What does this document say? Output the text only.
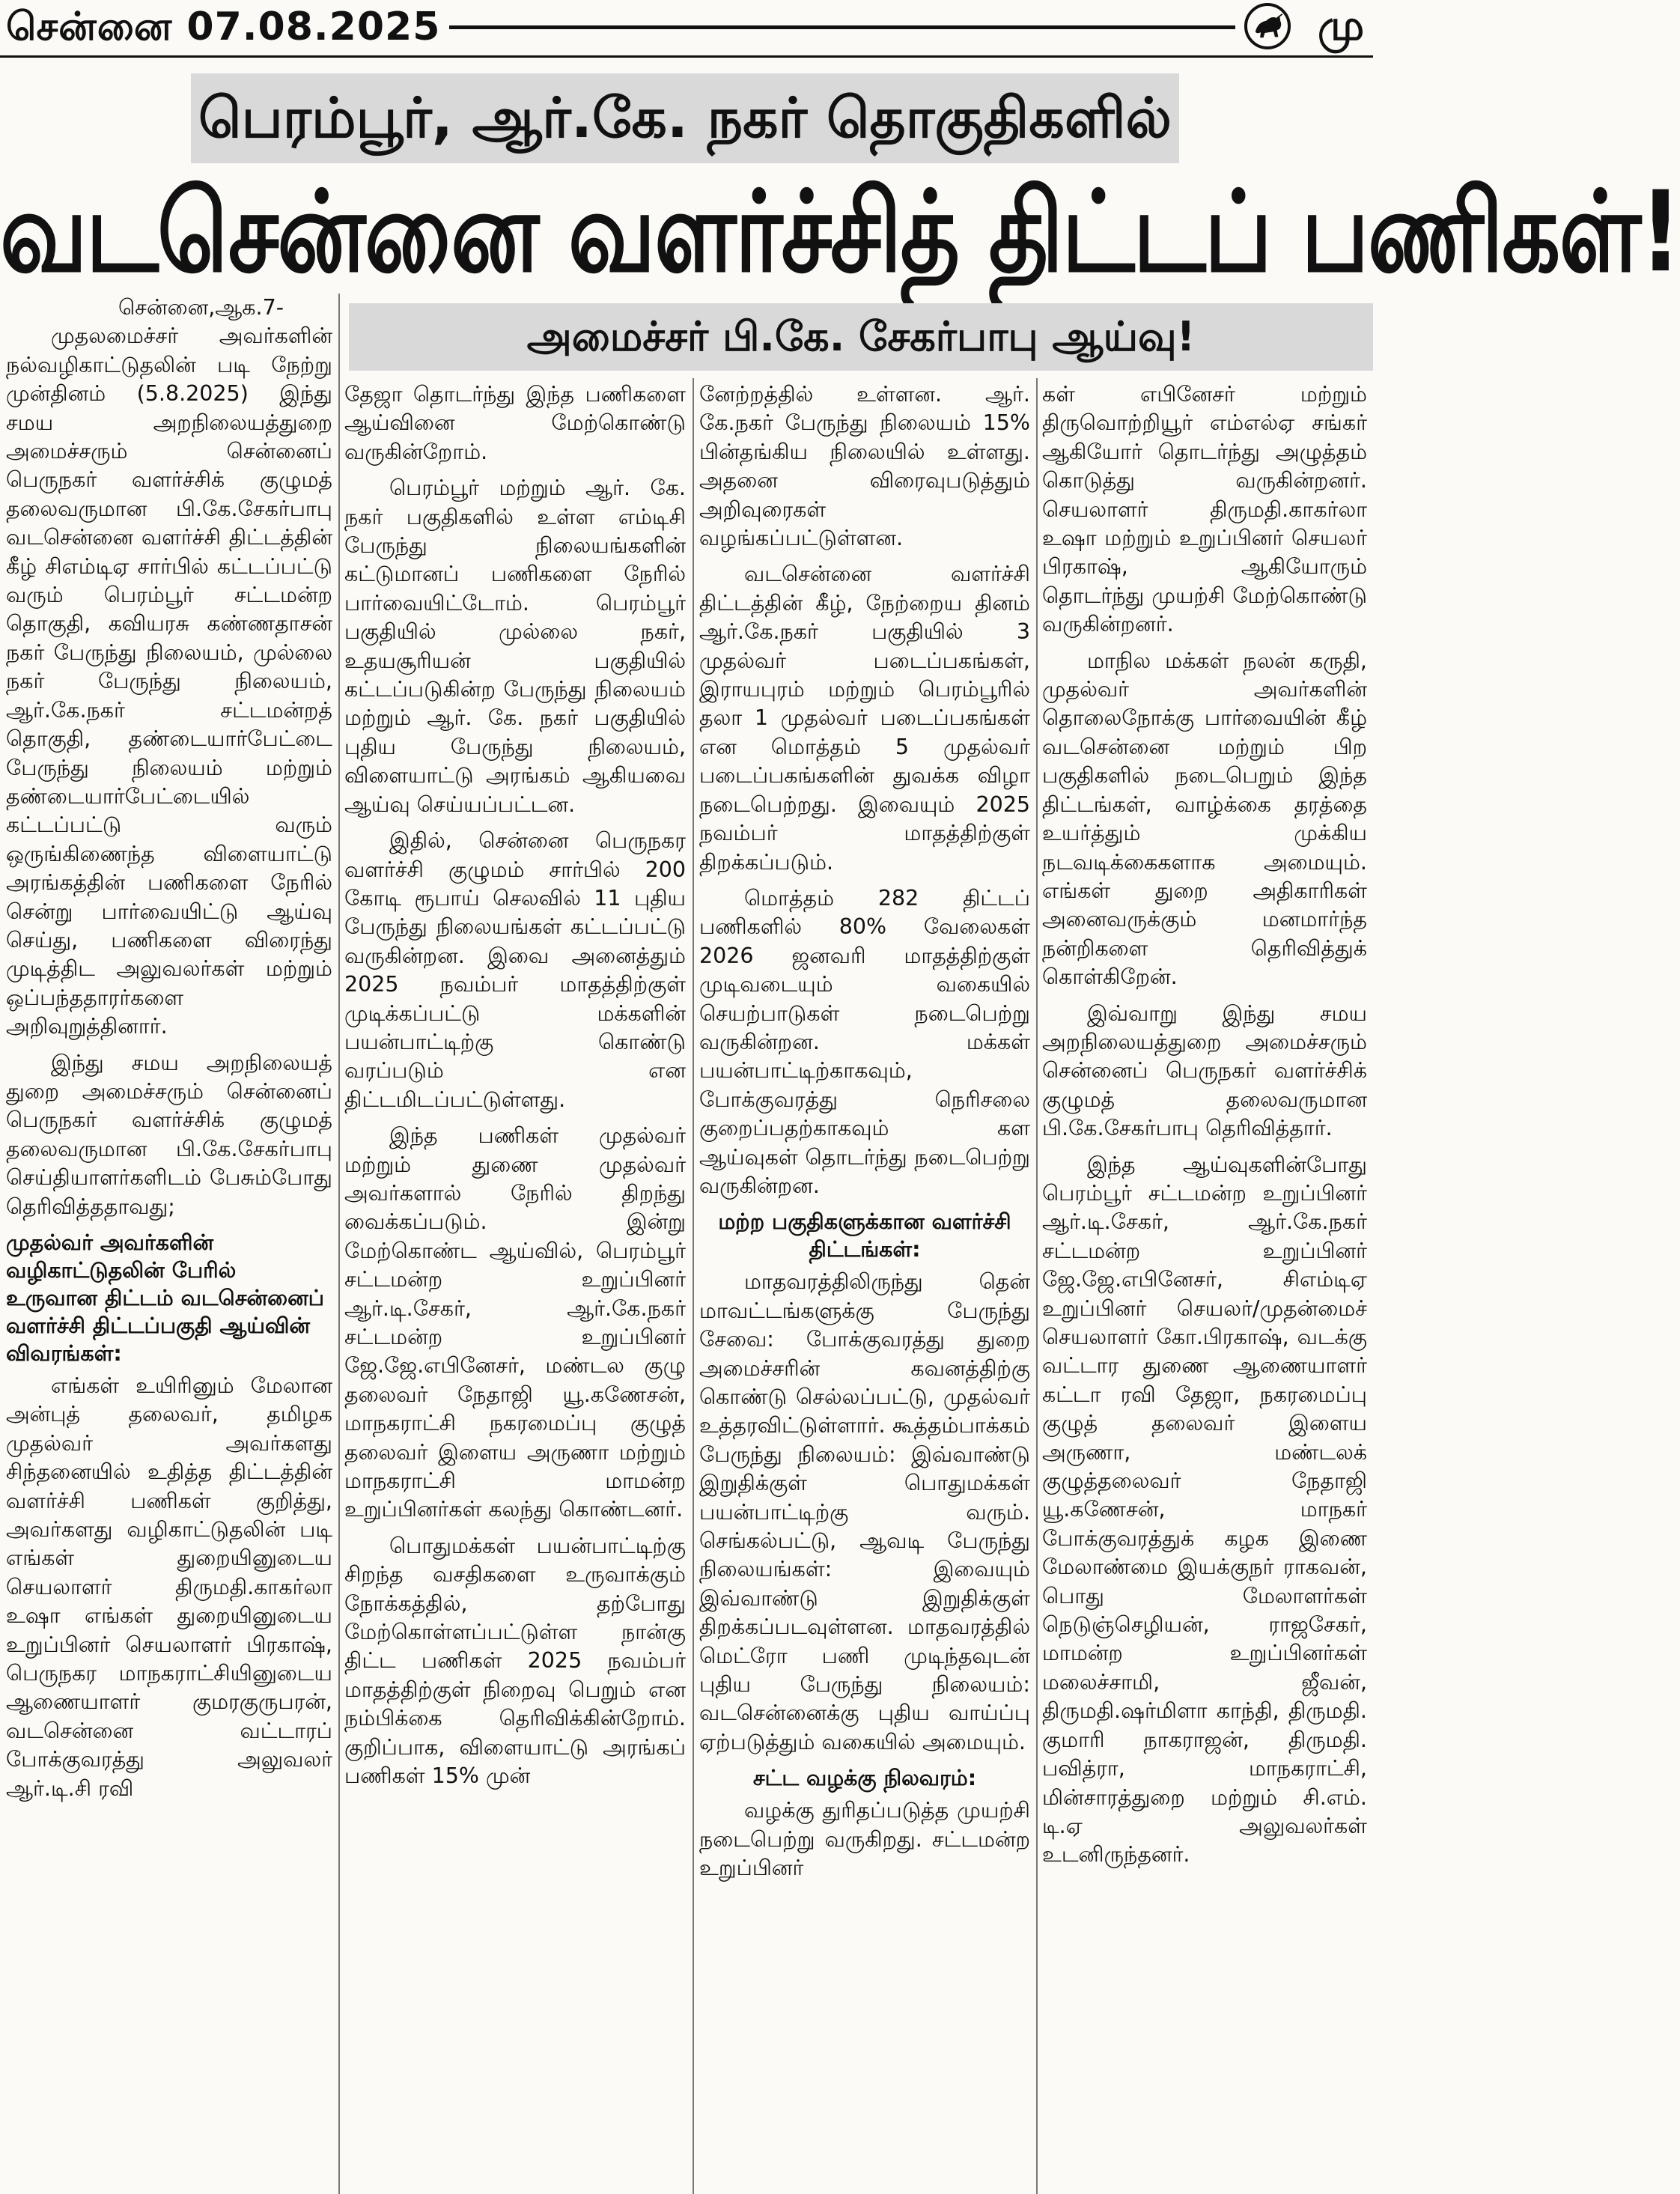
சென்னை 07.08.2025	மு
பெரம்பூர், ஆர்.கே. நகர் தொகுதிகளில்
வடசென்னை வளர்ச்சித் திட்டப் பணிகள்!
அமைச்சர் பி.கே. சேகர்பாபு ஆய்வு!

சென்னை,ஆக.7-

முதலமைச்சர் அவர்களின் நல்வழிகாட்டுதலின் படி நேற்று முன்தினம் (5.8.2025) இந்து சமய அறநிலையத்துறை அமைச்சரும் சென்னைப் பெருநகர் வளர்ச்சிக் குழுமத் தலைவருமான பி.கே.சேகர்பாபு வடசென்னை வளர்ச்சி திட்டத்தின் கீழ் சிஎம்டிஏ சார்பில் கட்டப்பட்டு வரும் பெரம்பூர் சட்டமன்ற தொகுதி, கவியரசு கண்ணதாசன் நகர் பேருந்து நிலையம், முல்லை நகர் பேருந்து நிலையம், ஆர்.கே.நகர் சட்டமன்றத் தொகுதி, தண்டையார்பேட்டை பேருந்து நிலையம் மற்றும் தண்டையார்பேட்டையில் கட்டப்பட்டு வரும் ஒருங்கிணைந்த விளையாட்டு அரங்கத்தின் பணிகளை நேரில் சென்று பார்வையிட்டு ஆய்வு செய்து, பணிகளை விரைந்து முடித்திட அலுவலர்கள் மற்றும் ஒப்பந்ததாரர்களை அறிவுறுத்தினார்.

இந்து சமய அறநிலையத் துறை அமைச்சரும் சென்னைப் பெருநகர் வளர்ச்சிக் குழுமத் தலைவருமான பி.கே.சேகர்பாபு செய்தியாளர்களிடம் பேசும்போது தெரிவித்ததாவது;

முதல்வர் அவர்களின் வழிகாட்டுதலின் பேரில் உருவான திட்டம் வடசென்னைப் வளர்ச்சி திட்டப்பகுதி ஆய்வின் விவரங்கள்:

எங்கள் உயிரினும் மேலான அன்புத் தலைவர், தமிழக முதல்வர் அவர்களது சிந்தனையில் உதித்த திட்டத்தின் வளர்ச்சி பணிகள் குறித்து, அவர்களது வழிகாட்டுதலின் படி எங்கள் துறையினுடைய செயலாளர் திருமதி.காகர்லா உஷா எங்கள் துறையினுடைய உறுப்பினர் செயலாளர் பிரகாஷ், பெருநகர மாநகராட்சியினுடைய ஆணையாளர் குமரகுருபரன், வடசென்னை வட்டாரப் போக்குவரத்து அலுவலர் ஆர்.டி.சி ரவி

தேஜா தொடர்ந்து இந்த பணிகளை ஆய்வினை மேற்கொண்டு வருகின்றோம்.

பெரம்பூர் மற்றும் ஆர். கே. நகர் பகுதிகளில் உள்ள எம்டிசி பேருந்து நிலையங்களின் கட்டுமானப் பணிகளை நேரில் பார்வையிட்டோம். பெரம்பூர் பகுதியில் முல்லை நகர், உதயசூரியன் பகுதியில் கட்டப்படுகின்ற பேருந்து நிலையம் மற்றும் ஆர். கே. நகர் பகுதியில் புதிய பேருந்து நிலையம், விளையாட்டு அரங்கம் ஆகியவை ஆய்வு செய்யப்பட்டன.

இதில், சென்னை பெருநகர வளர்ச்சி குழுமம் சார்பில் 200 கோடி ரூபாய் செலவில் 11 புதிய பேருந்து நிலையங்கள் கட்டப்பட்டு வருகின்றன. இவை அனைத்தும் 2025 நவம்பர் மாதத்திற்குள் முடிக்கப்பட்டு மக்களின் பயன்பாட்டிற்கு கொண்டு வரப்படும் என திட்டமிடப்பட்டுள்ளது.

இந்த பணிகள் முதல்வர் மற்றும் துணை முதல்வர் அவர்களால் நேரில் திறந்து வைக்கப்படும். இன்று மேற்கொண்ட ஆய்வில், பெரம்பூர் சட்டமன்ற உறுப்பினர் ஆர்.டி.சேகர், ஆர்.கே.நகர் சட்டமன்ற உறுப்பினர் ஜே.ஜே.எபினேசர், மண்டல குழு தலைவர் நேதாஜி யூ.கணேசன், மாநகராட்சி நகரமைப்பு குழுத் தலைவர் இளைய அருணா மற்றும் மாநகராட்சி மாமன்ற உறுப்பினர்கள் கலந்து கொண்டனர்.

பொதுமக்கள் பயன்பாட்டிற்கு சிறந்த வசதிகளை உருவாக்கும் நோக்கத்தில், தற்போது மேற்கொள்ளப்பட்டுள்ள நான்கு திட்ட பணிகள் 2025 நவம்பர் மாதத்திற்குள் நிறைவு பெறும் என நம்பிக்கை தெரிவிக்கின்றோம். குறிப்பாக, விளையாட்டு அரங்கப் பணிகள் 15% முன்

னேற்றத்தில் உள்ளன. ஆர். கே.நகர் பேருந்து நிலையம் 15% பின்தங்கிய நிலையில் உள்ளது. அதனை விரைவுபடுத்தும் அறிவுரைகள் வழங்கப்பட்டுள்ளன.

வடசென்னை வளர்ச்சி திட்டத்தின் கீழ், நேற்றைய தினம் ஆர்.கே.நகர் பகுதியில் 3 முதல்வர் படைப்பகங்கள், இராயபுரம் மற்றும் பெரம்பூரில் தலா 1 முதல்வர் படைப்பகங்கள் என மொத்தம் 5 முதல்வர் படைப்பகங்களின் துவக்க விழா நடைபெற்றது. இவையும் 2025 நவம்பர் மாதத்திற்குள் திறக்கப்படும்.

மொத்தம் 282 திட்டப் பணிகளில் 80% வேலைகள் 2026 ஜனவரி மாதத்திற்குள் முடிவடையும் வகையில் செயற்பாடுகள் நடைபெற்று வருகின்றன. மக்கள் பயன்பாட்டிற்காகவும், போக்குவரத்து நெரிசலை குறைப்பதற்காகவும் கள ஆய்வுகள் தொடர்ந்து நடைபெற்று வருகின்றன.

மற்ற பகுதிகளுக்கான வளர்ச்சி திட்டங்கள்:

மாதவரத்திலிருந்து தென் மாவட்டங்களுக்கு பேருந்து சேவை: போக்குவரத்து துறை அமைச்சரின் கவனத்திற்கு கொண்டு செல்லப்பட்டு, முதல்வர் உத்தரவிட்டுள்ளார். கூத்தம்பாக்கம் பேருந்து நிலையம்: இவ்வாண்டு இறுதிக்குள் பொதுமக்கள் பயன்பாட்டிற்கு வரும். செங்கல்பட்டு, ஆவடி பேருந்து நிலையங்கள்: இவையும் இவ்வாண்டு இறுதிக்குள் திறக்கப்படவுள்ளன. மாதவரத்தில் மெட்ரோ பணி முடிந்தவுடன் புதிய பேருந்து நிலையம்: வடசென்னைக்கு புதிய வாய்ப்பு ஏற்படுத்தும் வகையில் அமையும்.

சட்ட வழக்கு நிலவரம்:

வழக்கு துரிதப்படுத்த முயற்சி நடைபெற்று வருகிறது. சட்டமன்ற உறுப்பினர்

கள் எபினேசர் மற்றும் திருவொற்றியூர் எம்எல்ஏ சங்கர் ஆகியோர் தொடர்ந்து அழுத்தம் கொடுத்து வருகின்றனர். செயலாளர் திருமதி.காகர்லா உஷா மற்றும் உறுப்பினர் செயலர் பிரகாஷ், ஆகியோரும் தொடர்ந்து முயற்சி மேற்கொண்டு வருகின்றனர்.

மாநில மக்கள் நலன் கருதி, முதல்வர் அவர்களின் தொலைநோக்கு பார்வையின் கீழ் வடசென்னை மற்றும் பிற பகுதிகளில் நடைபெறும் இந்த திட்டங்கள், வாழ்க்கை தரத்தை உயர்த்தும் முக்கிய நடவடிக்கைகளாக அமையும். எங்கள் துறை அதிகாரிகள் அனைவருக்கும் மனமார்ந்த நன்றிகளை தெரிவித்துக் கொள்கிறேன்.

இவ்வாறு இந்து சமய அறநிலையத்துறை அமைச்சரும் சென்னைப் பெருநகர் வளர்ச்சிக் குழுமத் தலைவருமான பி.கே.சேகர்பாபு தெரிவித்தார்.

இந்த ஆய்வுகளின்போது பெரம்பூர் சட்டமன்ற உறுப்பினர் ஆர்.டி.சேகர், ஆர்.கே.நகர் சட்டமன்ற உறுப்பினர் ஜே.ஜே.எபினேசர், சிஎம்டிஏ உறுப்பினர் செயலர்/முதன்மைச் செயலாளர் கோ.பிரகாஷ், வடக்கு வட்டார துணை ஆணையாளர் கட்டா ரவி தேஜா, நகரமைப்பு குழுத் தலைவர் இளைய அருணா, மண்டலக் குழுத்தலைவர் நேதாஜி யூ.கணேசன், மாநகர் போக்குவரத்துக் கழக இணை மேலாண்மை இயக்குநர் ராகவன், பொது மேலாளர்கள் நெடுஞ்செழியன், ராஜசேகர், மாமன்ற உறுப்பினர்கள் மலைச்சாமி, ஜீவன், திருமதி.ஷர்மிளா காந்தி, திருமதி. குமாரி நாகராஜன், திருமதி. பவித்ரா, மாநகராட்சி, மின்சாரத்துறை மற்றும் சி.எம். டி.ஏ அலுவலர்கள் உடனிருந்தனர்.
